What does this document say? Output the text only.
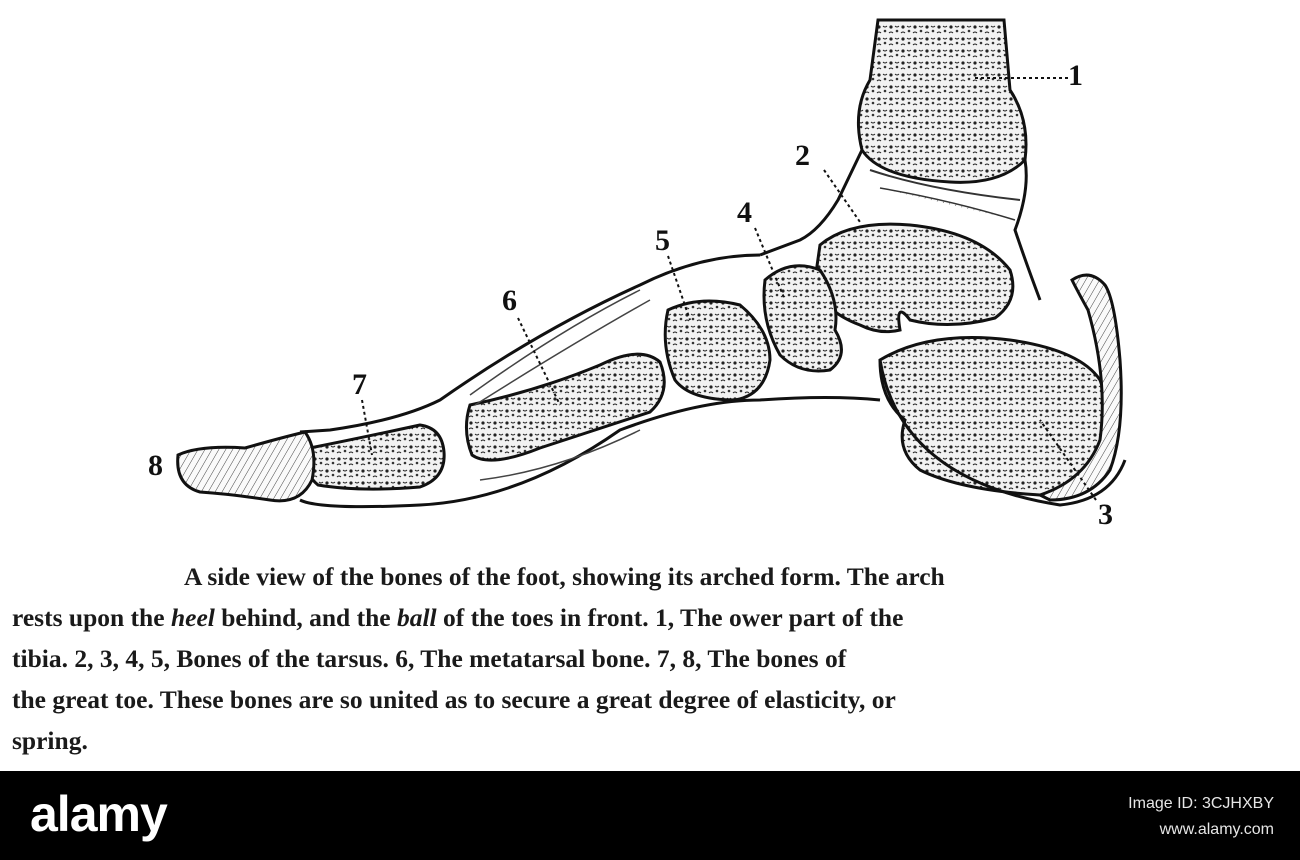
1
2
4
5
6
7
8
3
A side view of the bones of the foot, showing its arched form. The arch
rests upon the heel behind, and the ball of the toes in front. 1, The ower part of the
tibia. 2, 3, 4, 5, Bones of the tarsus. 6, The metatarsal bone. 7, 8, The bones of
the great toe. These bones are so united as to secure a great degree of elasticity, or
spring.
alamy	Image ID: 3CJHXBY
www.alamy.com
